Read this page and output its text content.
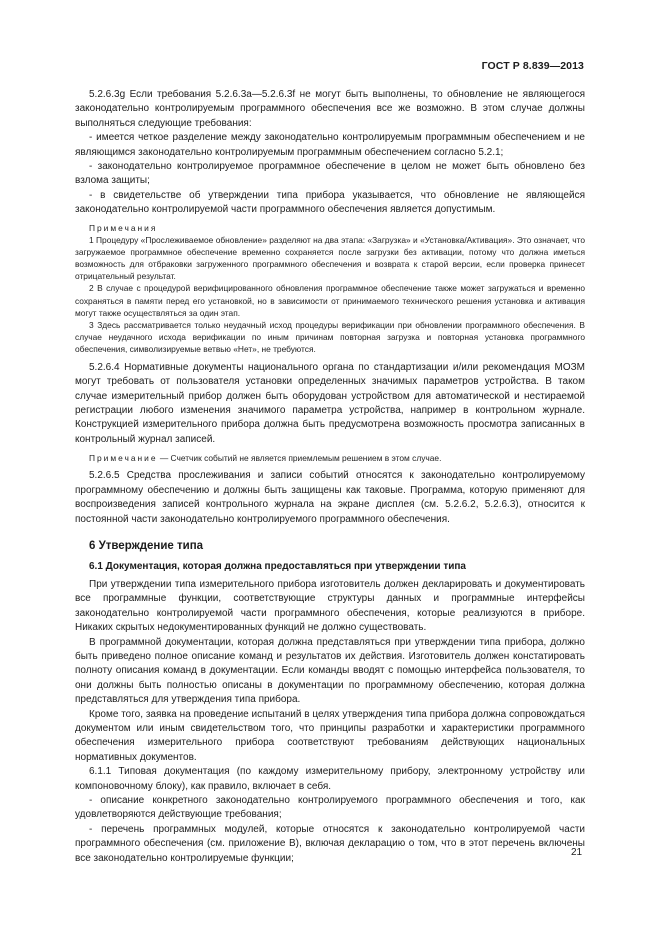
ГОСТ Р 8.839—2013

5.2.6.3g Если требования 5.2.6.3a—5.2.6.3f не могут быть выполнены, то обновление не являющегося законодательно контролируемым программного обеспечения все же возможно. В этом случае должны выполняться следующие требования:

- имеется четкое разделение между законодательно контролируемым программным обеспечением и не являющимся законодательно контролируемым программным обеспечением согласно 5.2.1;

- законодательно контролируемое программное обеспечение в целом не может быть обновлено без взлома защиты;

- в свидетельстве об утверждении типа прибора указывается, что обновление не являющейся законодательно контролируемой части программного обеспечения является допустимым.

Примечания

1 Процедуру «Прослеживаемое обновление» разделяют на два этапа: «Загрузка» и «Установка/Активация». Это означает, что загружаемое программное обеспечение временно сохраняется после загрузки без активации, потому что должна иметься возможность для отбраковки загруженного программного обеспечения и возврата к старой версии, если проверка принесет отрицательный результат.

2 В случае с процедурой верифицированного обновления программное обеспечение также может загружаться и временно сохраняться в памяти перед его установкой, но в зависимости от принимаемого технического решения установка и активация могут также осуществляться за один этап.

3 Здесь рассматривается только неудачный исход процедуры верификации при обновлении программного обеспечения. В случае неудачного исхода верификации по иным причинам повторная загрузка и повторная установка программного обеспечения, символизируемые ветвью «Нет», не требуются.

5.2.6.4 Нормативные документы национального органа по стандартизации и/или рекомендация МОЗМ могут требовать от пользователя установки определенных значимых параметров устройства. В таком случае измерительный прибор должен быть оборудован устройством для автоматической и нестираемой регистрации любого изменения значимого параметра устройства, например в контрольном журнале. Конструкцией измерительного прибора должна быть предусмотрена возможность просмотра записанных в контрольный журнал записей.

Примечание — Счетчик событий не является приемлемым решением в этом случае.

5.2.6.5 Средства прослеживания и записи событий относятся к законодательно контролируемому программному обеспечению и должны быть защищены как таковые. Программа, которую применяют для воспроизведения записей контрольного журнала на экране дисплея (см. 5.2.6.2, 5.2.6.3), относится к постоянной части законодательно контролируемого программного обеспечения.

6 Утверждение типа

6.1 Документация, которая должна предоставляться при утверждении типа

При утверждении типа измерительного прибора изготовитель должен декларировать и документировать все программные функции, соответствующие структуры данных и программные интерфейсы законодательно контролируемой части программного обеспечения, которые реализуются в приборе. Никаких скрытых недокументированных функций не должно существовать.

В программной документации, которая должна представляться при утверждении типа прибора, должно быть приведено полное описание команд и результатов их действия. Изготовитель должен констатировать полноту описания команд в документации. Если команды вводят с помощью интерфейса пользователя, то они должны быть полностью описаны в документации по программному обеспечению, которая должна представляться для утверждения типа прибора.

Кроме того, заявка на проведение испытаний в целях утверждения типа прибора должна сопровождаться документом или иным свидетельством того, что принципы разработки и характеристики программного обеспечения измерительного прибора соответствуют требованиям действующих национальных нормативных документов.

6.1.1 Типовая документация (по каждому измерительному прибору, электронному устройству или компоновочному блоку), как правило, включает в себя.

- описание конкретного законодательно контролируемого программного обеспечения и того, как удовлетворяются действующие требования;

- перечень программных модулей, которые относятся к законодательно контролируемой части программного обеспечения (см. приложение В), включая декларацию о том, что в этот перечень включены все законодательно контролируемые функции;

21
